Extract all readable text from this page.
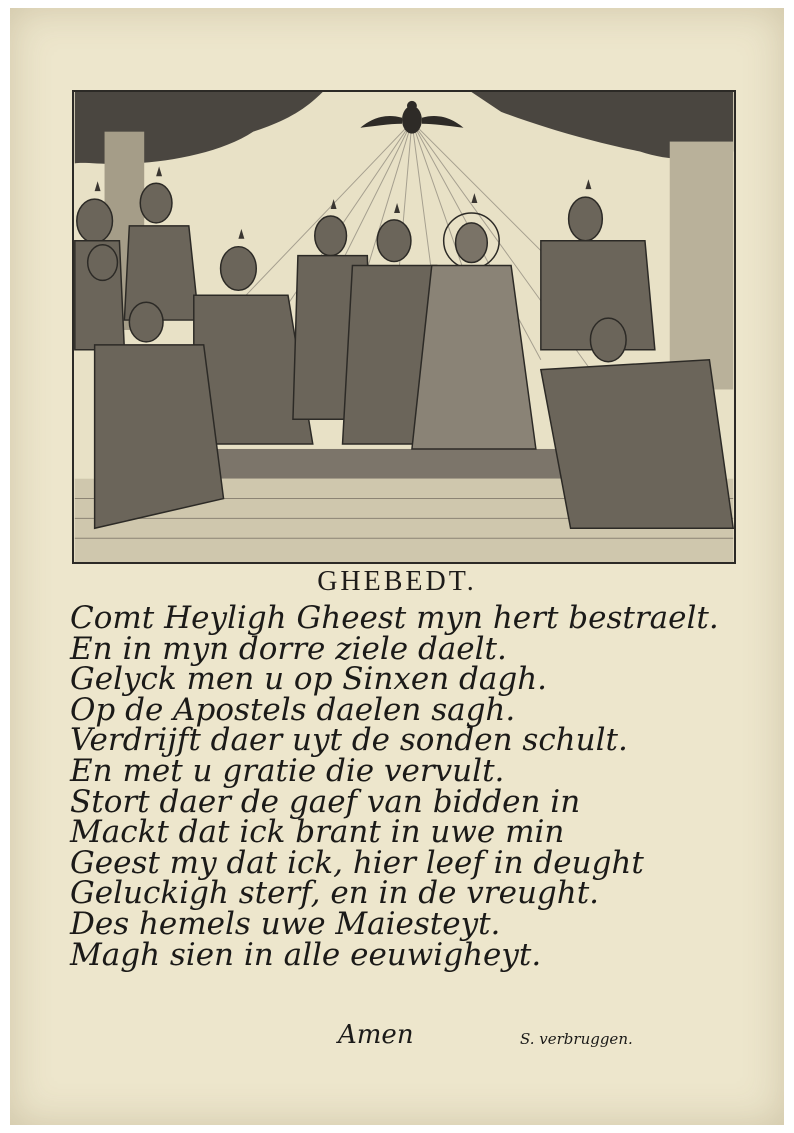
GHEBEDT.
Comt Heyligh Gheest myn hert bestraelt.
En in myn dorre ziele daelt.
Gelyck men u op Sinxen dagh.
Op de Apostels daelen sagh.
Verdrijft daer uyt de sonden schult.
En met u gratie die vervult.
Stort daer de gaef van bidden in
Mackt dat ick brant in uwe min
Geest my dat ick, hier leef in deught
Geluckigh sterf, en in de vreught.
Des hemels uwe Maiesteyt.
Magh sien in alle eeuwigheyt.
Amen	S. verbruggen.
